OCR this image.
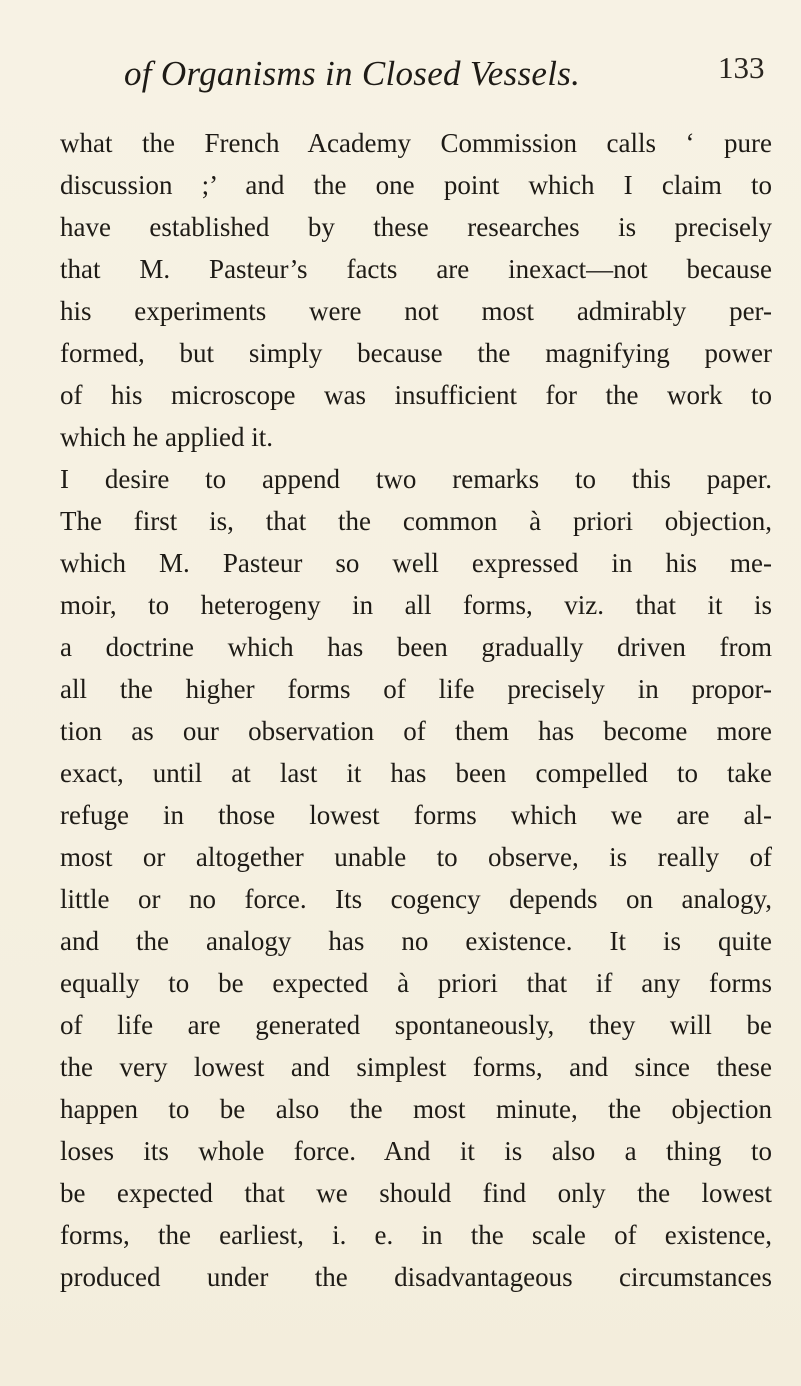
of Organisms in Closed Vessels.	133
what the French Academy Commission calls ‘ pure
discussion ;’ and the one point which I claim to
have established by these researches is precisely
that M. Pasteur’s facts are inexact—not because
his experiments were not most admirably per-
formed, but simply because the magnifying power
of his microscope was insufficient for the work to
which he applied it.
I desire to append two remarks to this paper.
The first is, that the common à priori objection,
which M. Pasteur so well expressed in his me-
moir, to heterogeny in all forms, viz. that it is
a doctrine which has been gradually driven from
all the higher forms of life precisely in propor-
tion as our observation of them has become more
exact, until at last it has been compelled to take
refuge in those lowest forms which we are al-
most or altogether unable to observe, is really of
little or no force. Its cogency depends on analogy,
and the analogy has no existence. It is quite
equally to be expected à priori that if any forms
of life are generated spontaneously, they will be
the very lowest and simplest forms, and since these
happen to be also the most minute, the objection
loses its whole force. And it is also a thing to
be expected that we should find only the lowest
forms, the earliest, i. e. in the scale of existence,
produced under the disadvantageous circumstances
